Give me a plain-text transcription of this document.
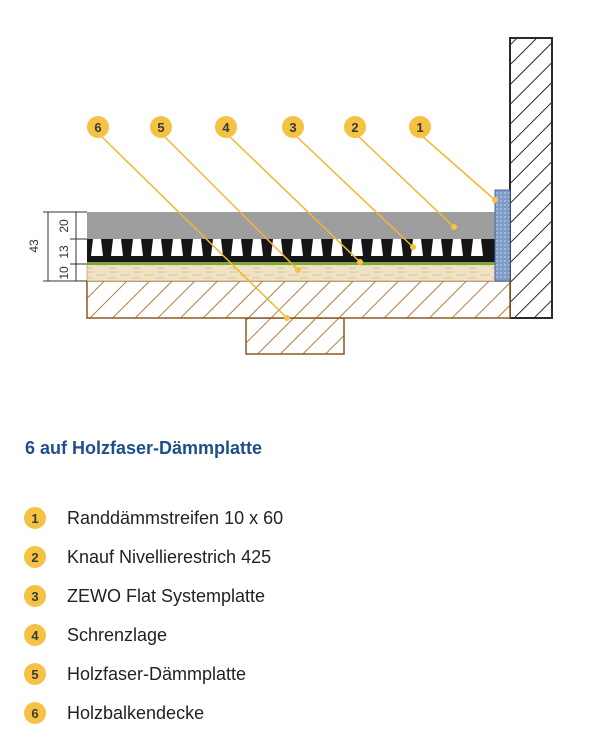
43
20
13
10
6	5	4	3	2	1
6 auf Holzfaser-Dämmplatte
1	Randdämmstreifen 10 x 60
2	Knauf Nivellierestrich 425
3	ZEWO Flat Systemplatte
4	Schrenzlage
5	Holzfaser-Dämmplatte
6	Holzbalkendecke
